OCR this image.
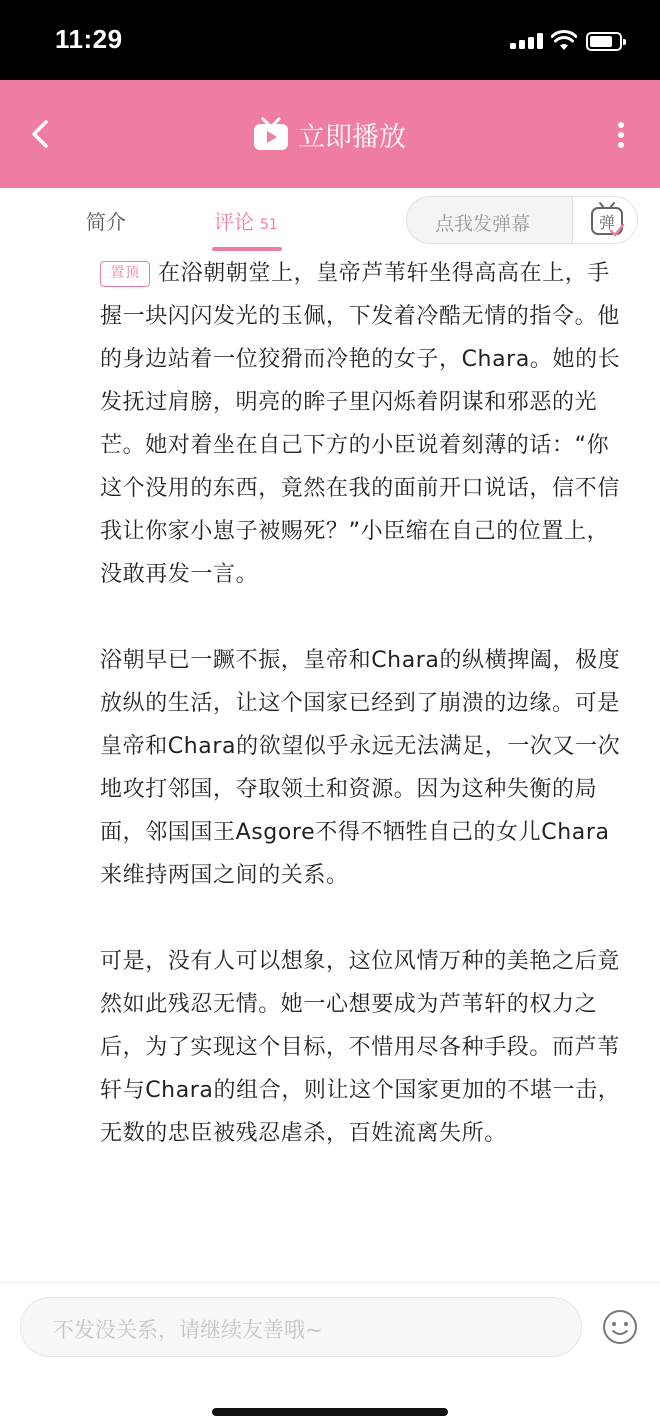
11:29
立即播放
简介	评论 51	点我发弹幕	弹

置顶 在浴朝朝堂上，皇帝芦苇轩坐得高高在上，手握一块闪闪发光的玉佩，下发着冷酷无情的指令。他的身边站着一位狡猾而冷艳的女子，Chara。她的长发抚过肩膀，明亮的眸子里闪烁着阴谋和邪恶的光芒。她对着坐在自己下方的小臣说着刻薄的话：“你这个没用的东西，竟然在我的面前开口说话，信不信我让你家小崽子被赐死？”小臣缩在自己的位置上，没敢再发一言。

浴朝早已一蹶不振，皇帝和Chara的纵横捭阖，极度放纵的生活，让这个国家已经到了崩溃的边缘。可是皇帝和Chara的欲望似乎永远无法满足，一次又一次地攻打邻国，夺取领土和资源。因为这种失衡的局面，邻国国王Asgore不得不牺牲自己的女儿Chara来维持两国之间的关系。

可是，没有人可以想象，这位风情万种的美艳之后竟然如此残忍无情。她一心想要成为芦苇轩的权力之后，为了实现这个目标，不惜用尽各种手段。而芦苇轩与Chara的组合，则让这个国家更加的不堪一击，无数的忠臣被残忍虐杀，百姓流离失所。

不发没关系，请继续友善哦~
